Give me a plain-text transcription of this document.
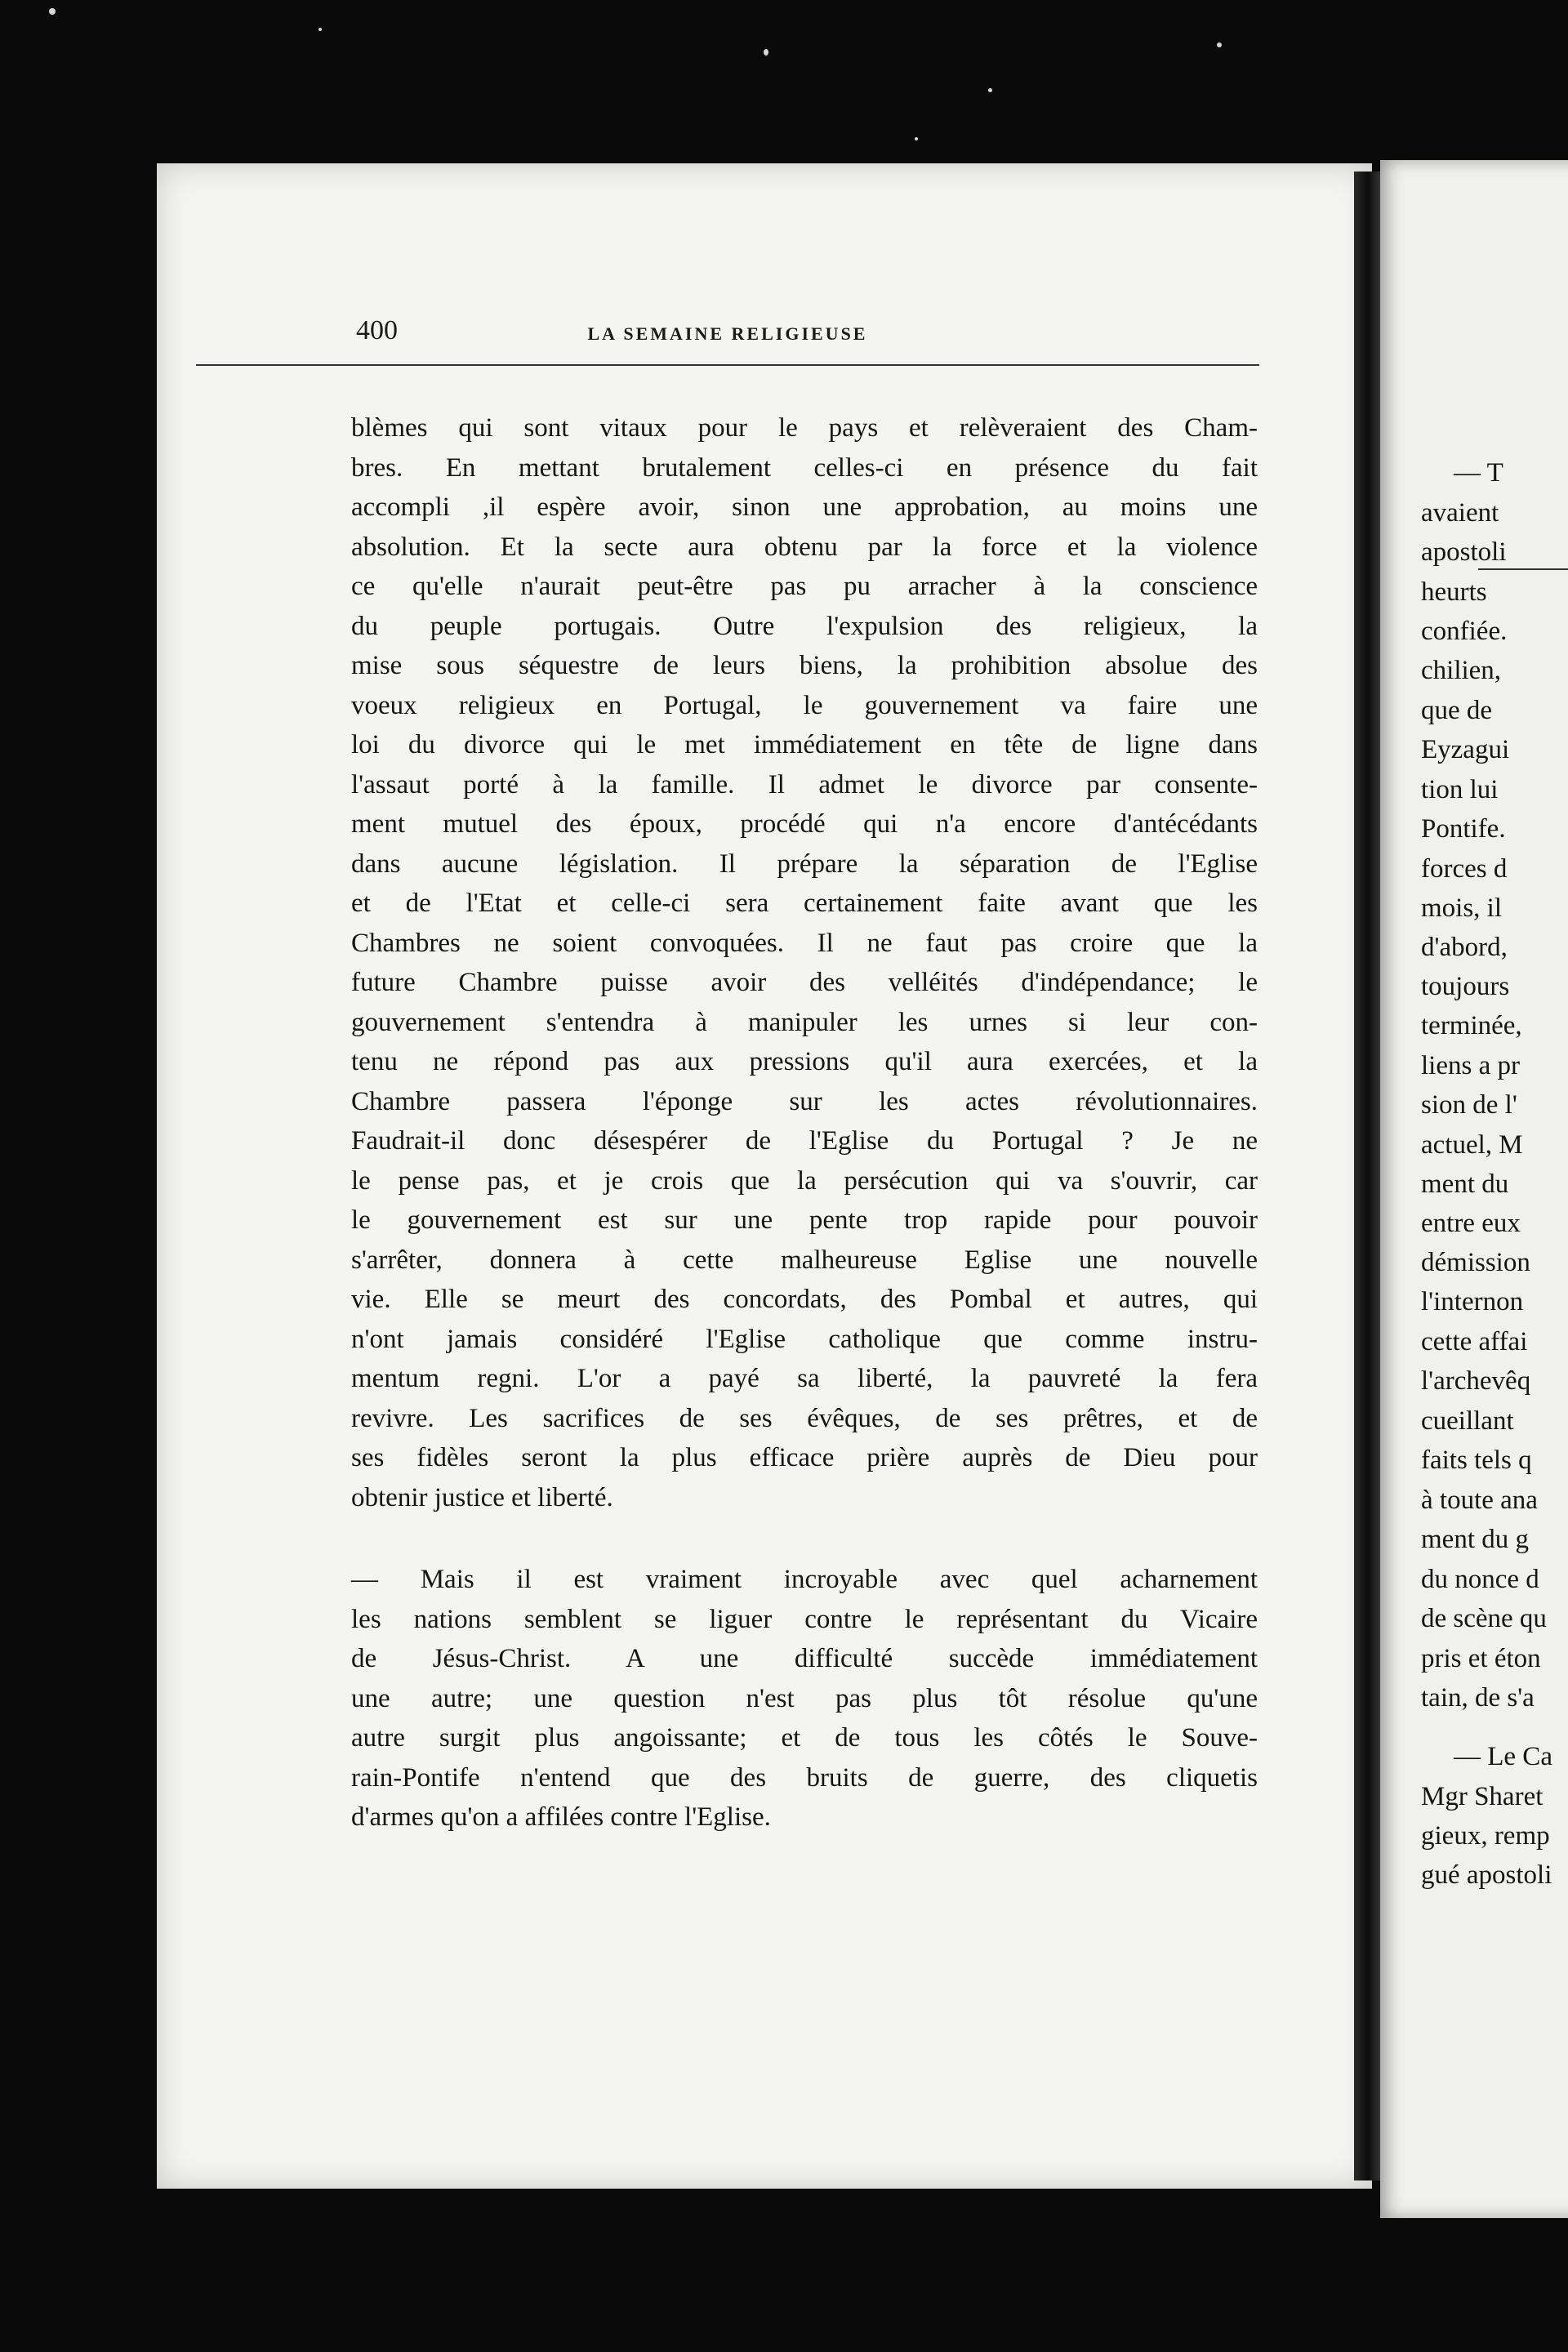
— T
avaient
apostoli
heurts
confiée.
chilien,
que de
Eyzagui
tion lui
Pontife.
forces d
mois, il
d'abord,
toujours
terminée,
liens a pr
sion de l'
actuel, M
ment du
entre eux
démission
l'internon
cette affai
l'archevêq
cueillant
faits tels q
à toute ana
ment du g
du nonce d
de scène qu
pris et éton
tain, de s'a
— Le Ca
Mgr Sharet
gieux, remp
gué apostoli
400	LA SEMAINE RELIGIEUSE
blèmes qui sont vitaux pour le pays et relèveraient des Cham-
bres. En mettant brutalement celles-ci en présence du fait
accompli ,il espère avoir, sinon une approbation, au moins une
absolution. Et la secte aura obtenu par la force et la violence
ce qu'elle n'aurait peut-être pas pu arracher à la conscience
du peuple portugais. Outre l'expulsion des religieux, la
mise sous séquestre de leurs biens, la prohibition absolue des
voeux religieux en Portugal, le gouvernement va faire une
loi du divorce qui le met immédiatement en tête de ligne dans
l'assaut porté à la famille. Il admet le divorce par consente-
ment mutuel des époux, procédé qui n'a encore d'antécédants
dans aucune législation. Il prépare la séparation de l'Eglise
et de l'Etat et celle-ci sera certainement faite avant que les
Chambres ne soient convoquées. Il ne faut pas croire que la
future Chambre puisse avoir des velléités d'indépendance; le
gouvernement s'entendra à manipuler les urnes si leur con-
tenu ne répond pas aux pressions qu'il aura exercées, et la
Chambre passera l'éponge sur les actes révolutionnaires.
Faudrait-il donc désespérer de l'Eglise du Portugal ? Je ne
le pense pas, et je crois que la persécution qui va s'ouvrir, car
le gouvernement est sur une pente trop rapide pour pouvoir
s'arrêter, donnera à cette malheureuse Eglise une nouvelle
vie. Elle se meurt des concordats, des Pombal et autres, qui
n'ont jamais considéré l'Eglise catholique que comme instru-
mentum regni. L'or a payé sa liberté, la pauvreté la fera
revivre. Les sacrifices de ses évêques, de ses prêtres, et de
ses fidèles seront la plus efficace prière auprès de Dieu pour
obtenir justice et liberté.
— Mais il est vraiment incroyable avec quel acharnement
les nations semblent se liguer contre le représentant du Vicaire
de Jésus-Christ. A une difficulté succède immédiatement
une autre; une question n'est pas plus tôt résolue qu'une
autre surgit plus angoissante; et de tous les côtés le Souve-
rain-Pontife n'entend que des bruits de guerre, des cliquetis
d'armes qu'on a affilées contre l'Eglise.
